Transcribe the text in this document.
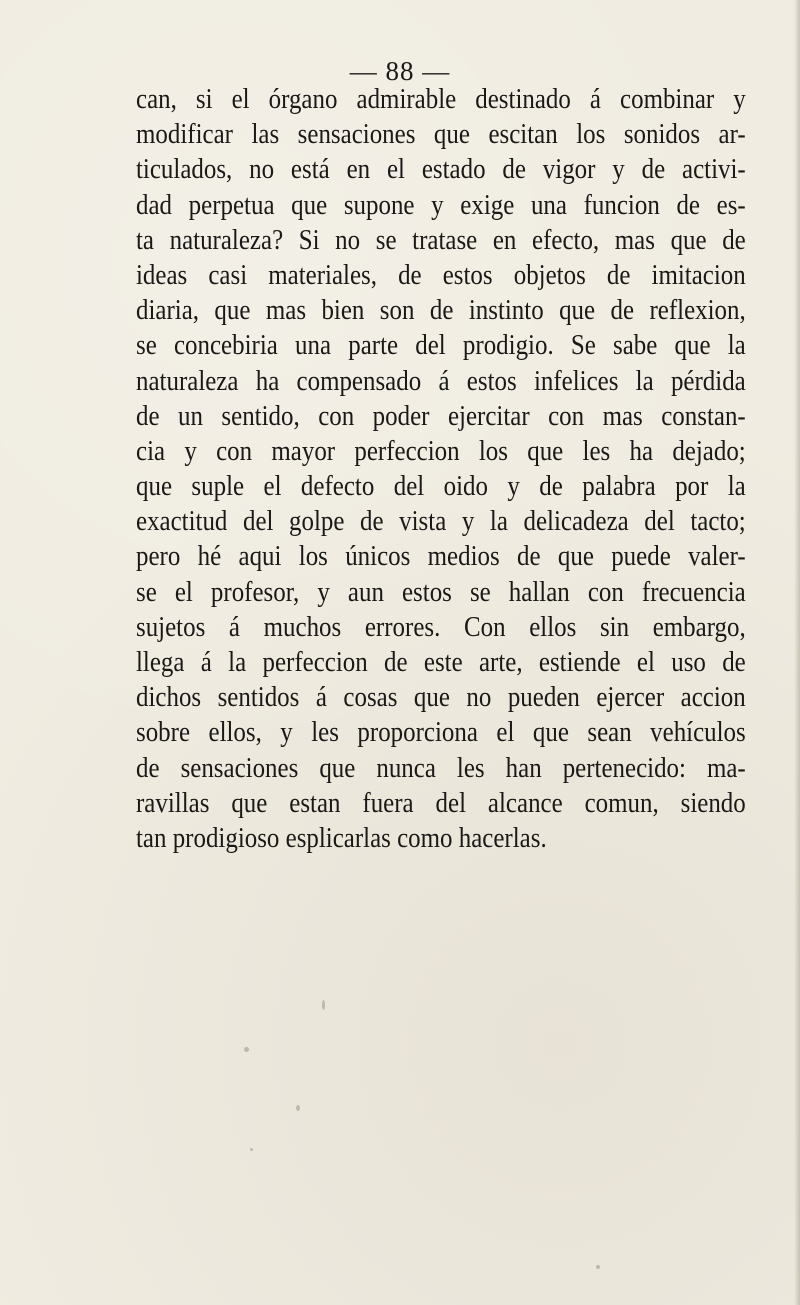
— 88 —
can, si el órgano admirable destinado á combinar y
modificar las sensaciones que escitan los sonidos ar-
ticulados, no está en el estado de vigor y de activi-
dad perpetua que supone y exige una funcion de es-
ta naturaleza? Si no se tratase en efecto, mas que de
ideas casi materiales, de estos objetos de imitacion
diaria, que mas bien son de instinto que de reflexion,
se concebiria una parte del prodigio. Se sabe que la
naturaleza ha compensado á estos infelices la pérdida
de un sentido, con poder ejercitar con mas constan-
cia y con mayor perfeccion los que les ha dejado;
que suple el defecto del oido y de palabra por la
exactitud del golpe de vista y la delicadeza del tacto;
pero hé aqui los únicos medios de que puede valer-
se el profesor, y aun estos se hallan con frecuencia
sujetos á muchos errores. Con ellos sin embargo,
llega á la perfeccion de este arte, estiende el uso de
dichos sentidos á cosas que no pueden ejercer accion
sobre ellos, y les proporciona el que sean vehículos
de sensaciones que nunca les han pertenecido: ma-
ravillas que estan fuera del alcance comun, siendo
tan prodigioso esplicarlas como hacerlas.
